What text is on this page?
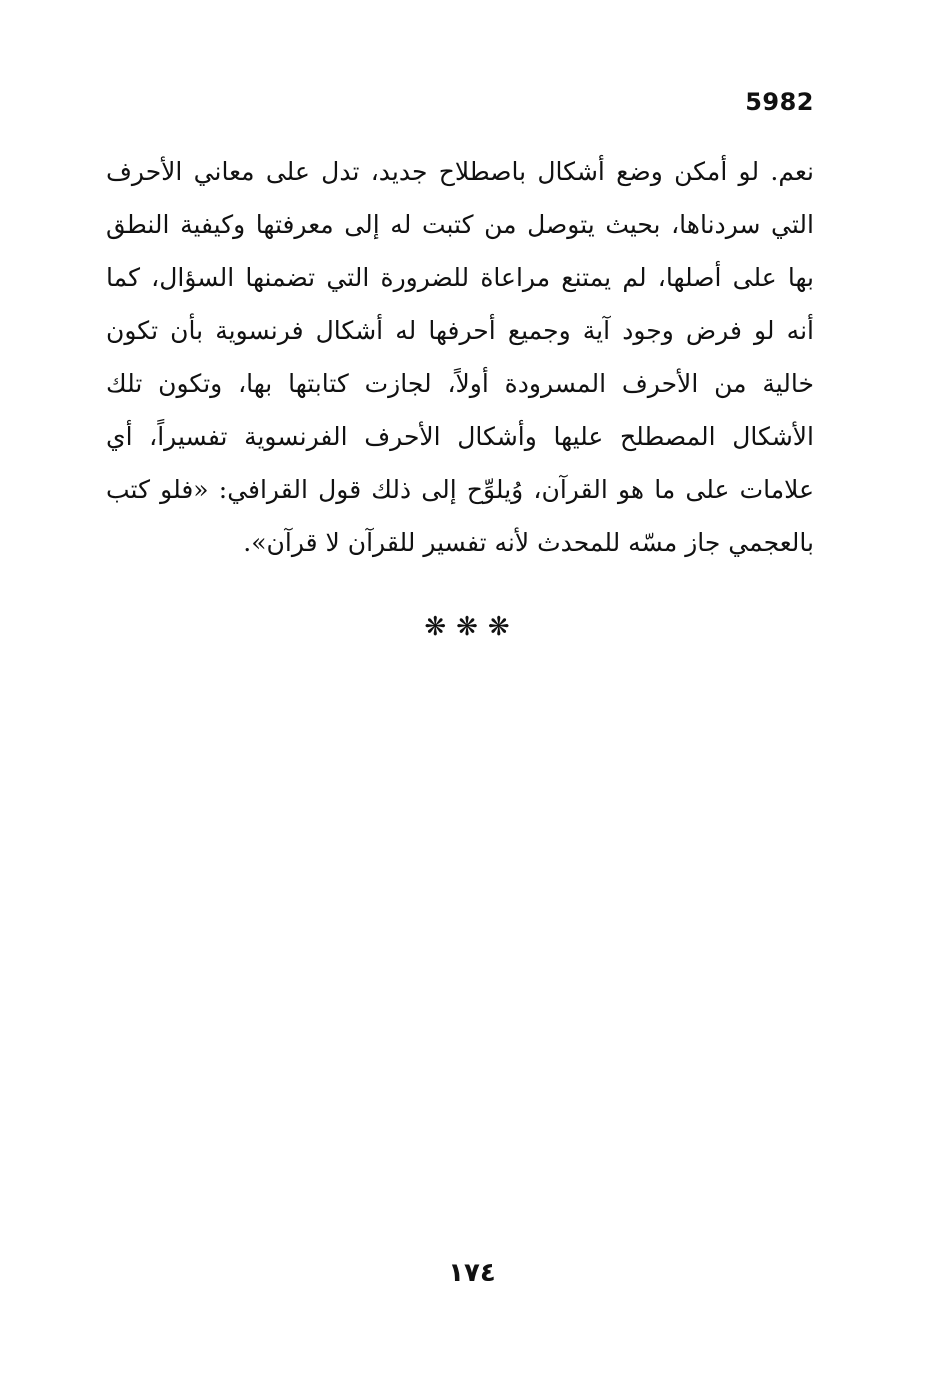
5982
نعم. لو أمكن وضع أشكال باصطلاح جديد، تدل على معاني الأحرف التي سردناها، بحيث يتوصل من كتبت له إلى معرفتها وكيفية النطق بها على أصلها، لم يمتنع مراعاة للضرورة التي تضمنها السؤال، كما أنه لو فرض وجود آية وجميع أحرفها له أشكال فرنسوية بأن تكون خالية من الأحرف المسرودة أولاً، لجازت كتابتها بها، وتكون تلك الأشكال المصطلح عليها وأشكال الأحرف الفرنسوية تفسيراً، أي علامات على ما هو القرآن، وُيلوِّح إلى ذلك قول القرافي: «فلو كتب بالعجمي جاز مسّه للمحدث لأنه تفسير للقرآن لا قرآن».
❋❋❋
١٧٤
